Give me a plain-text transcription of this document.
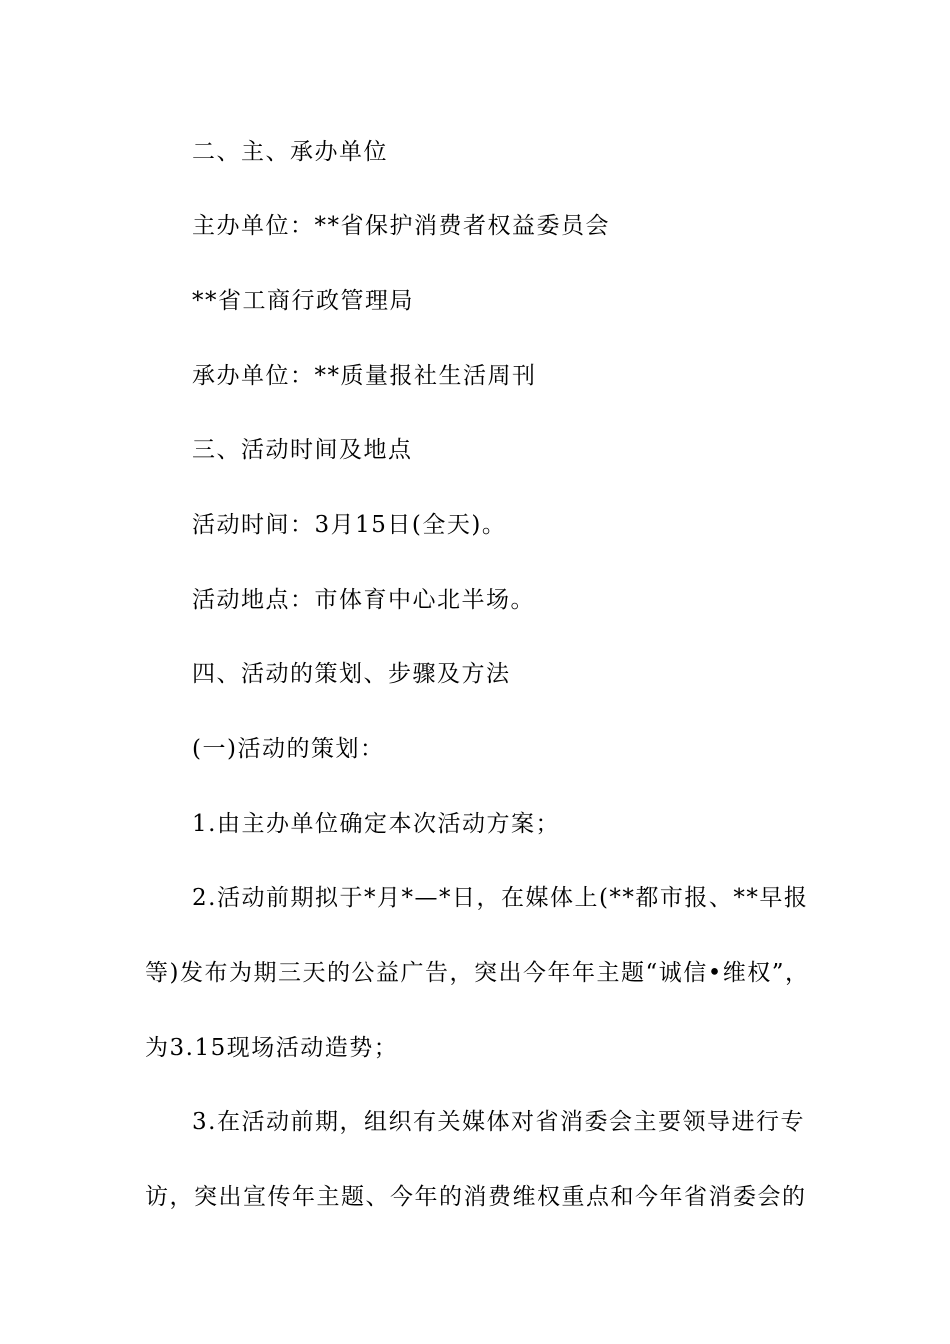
二、主、承办单位
主办单位：**省保护消费者权益委员会
**省工商行政管理局
承办单位：**质量报社生活周刊
三、活动时间及地点
活动时间：3月15日(全天)。
活动地点：市体育中心北半场。
四、活动的策划、步骤及方法
(一)活动的策划：
1.由主办单位确定本次活动方案；
2.活动前期拟于*月*—*日，在媒体上(**都市报、**早报
等)发布为期三天的公益广告，突出今年年主题“诚信•维权”，
为3.15现场活动造势；
3.在活动前期，组织有关媒体对省消委会主要领导进行专
访，突出宣传年主题、今年的消费维权重点和今年省消委会的
